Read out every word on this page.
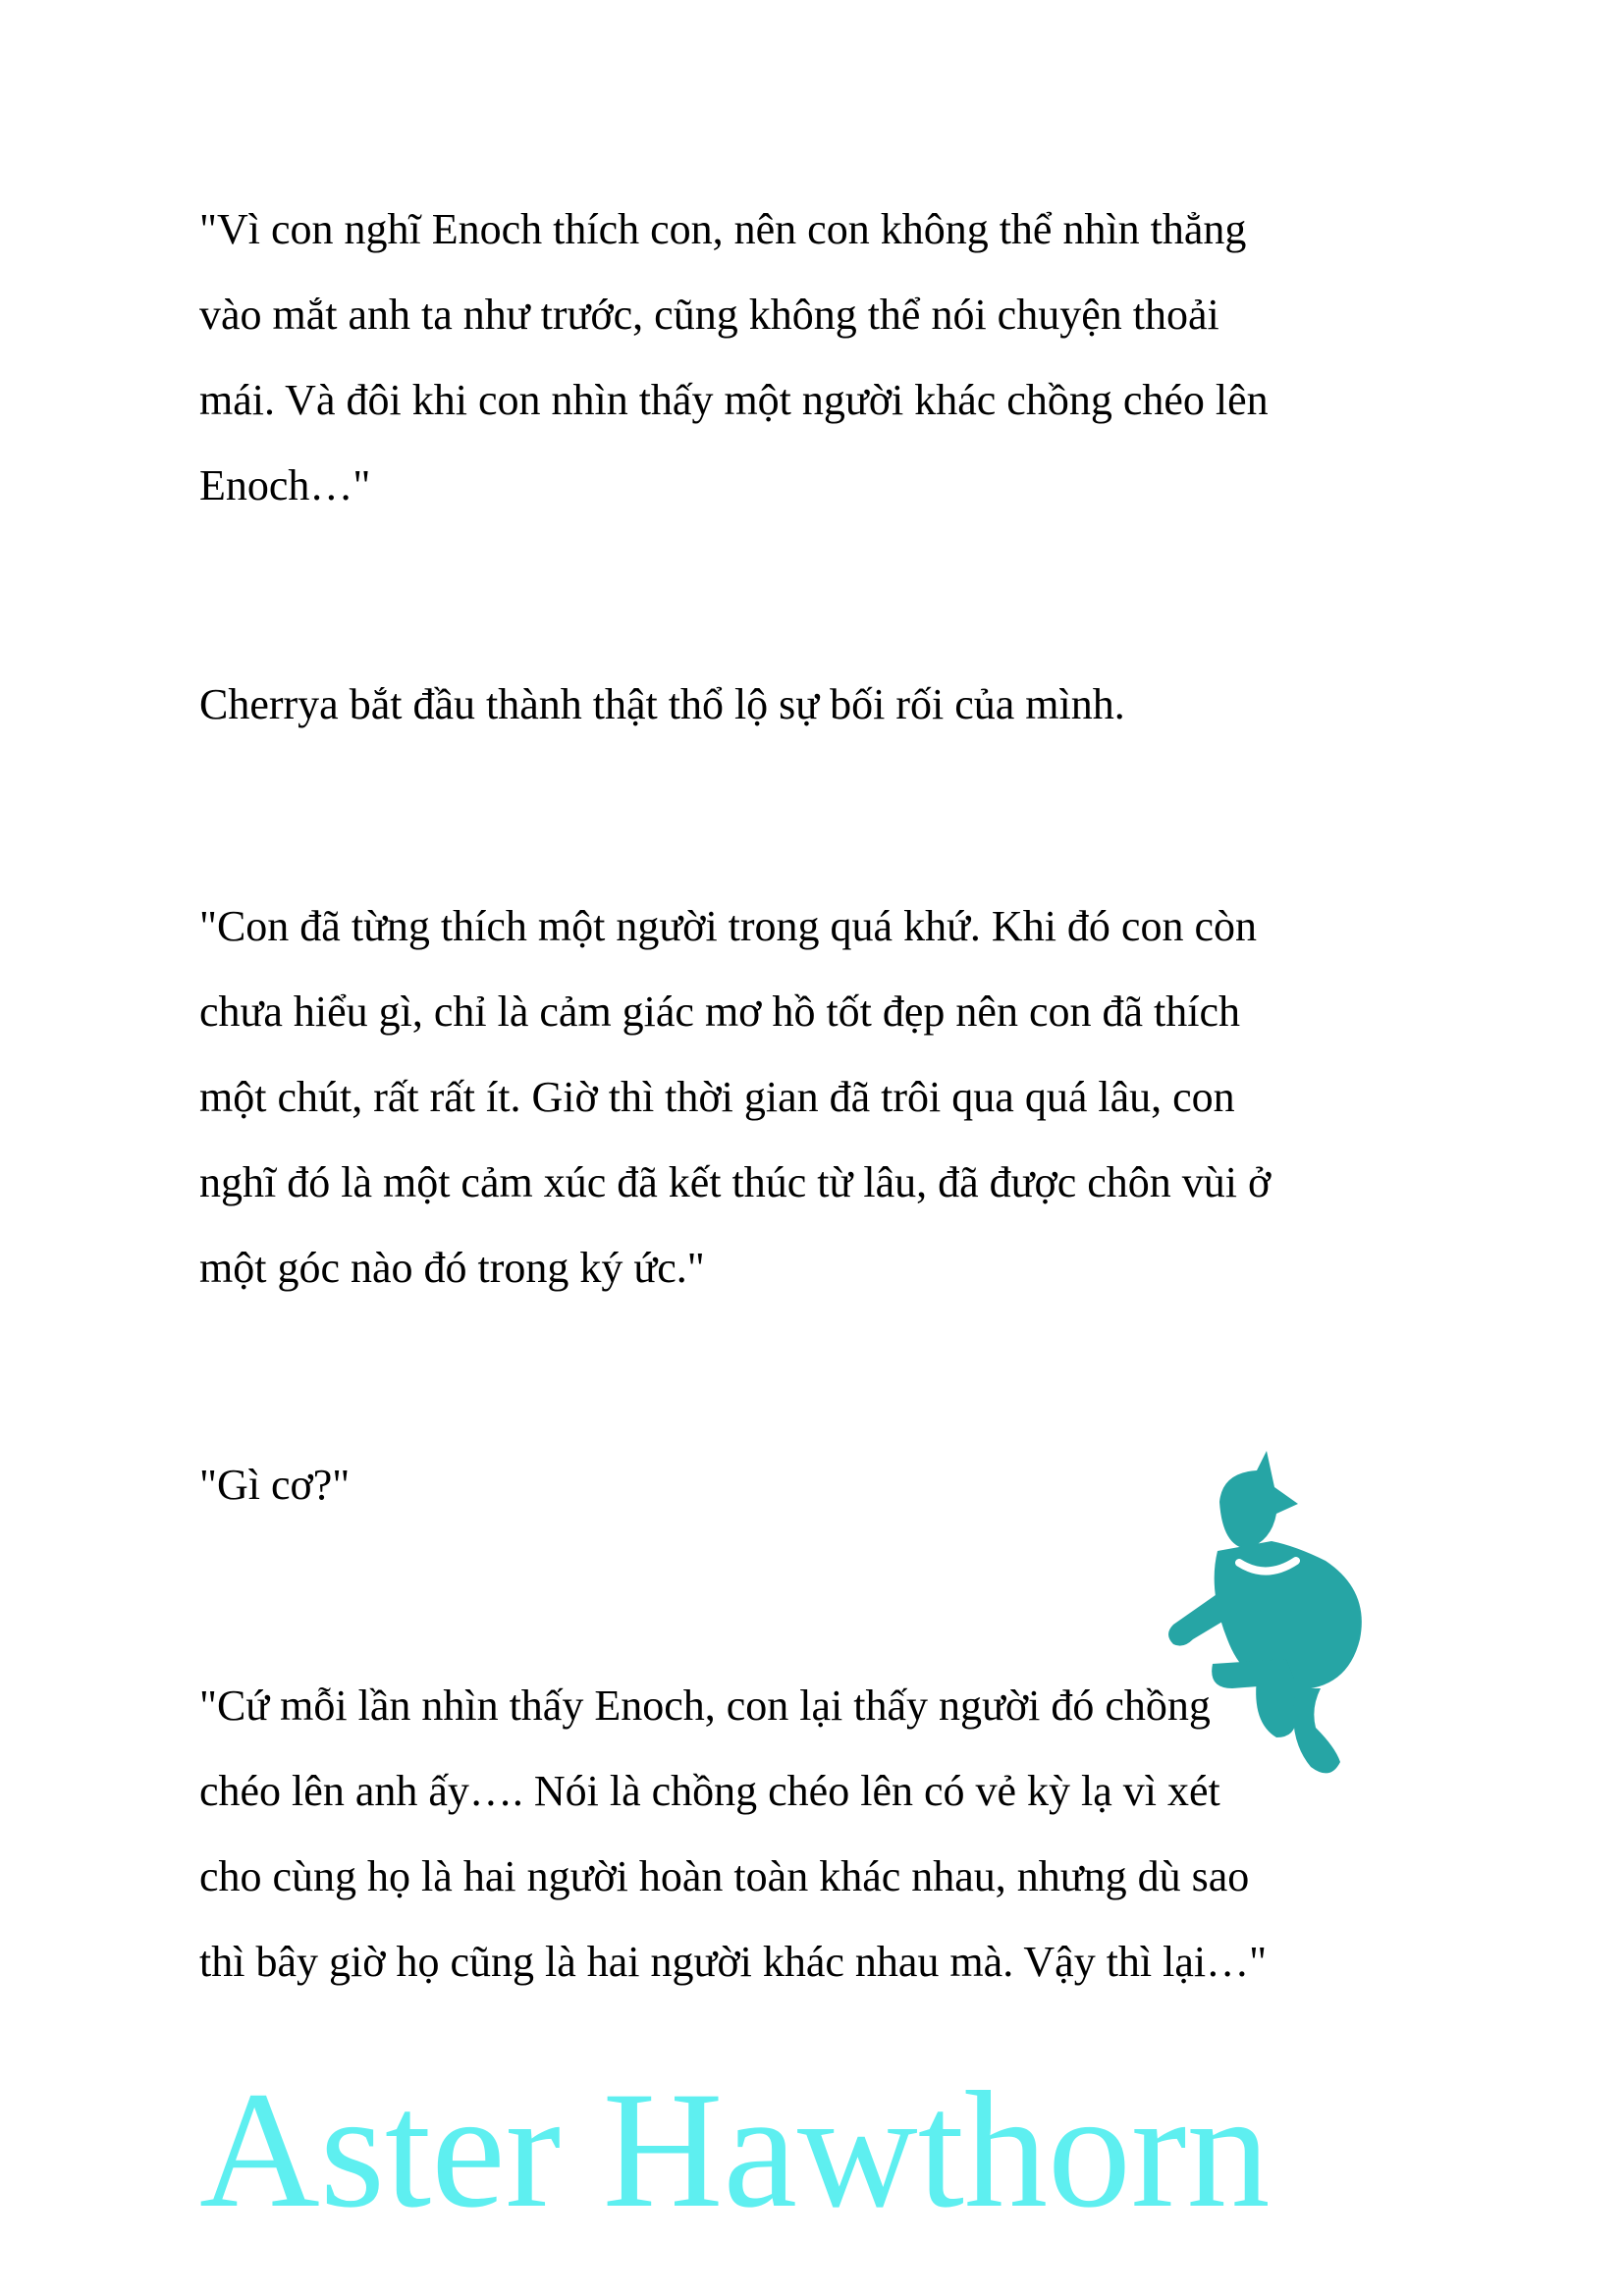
"Vì con nghĩ Enoch thích con, nên con không thể nhìn thẳng
vào mắt anh ta như trước, cũng không thể nói chuyện thoải
mái. Và đôi khi con nhìn thấy một người khác chồng chéo lên
Enoch…"
Cherrya bắt đầu thành thật thổ lộ sự bối rối của mình.
"Con đã từng thích một người trong quá khứ. Khi đó con còn
chưa hiểu gì, chỉ là cảm giác mơ hồ tốt đẹp nên con đã thích
một chút, rất rất ít. Giờ thì thời gian đã trôi qua quá lâu, con
nghĩ đó là một cảm xúc đã kết thúc từ lâu, đã được chôn vùi ở
một góc nào đó trong ký ức."
"Gì cơ?"
"Cứ mỗi lần nhìn thấy Enoch, con lại thấy người đó chồng
chéo lên anh ấy…. Nói là chồng chéo lên có vẻ kỳ lạ vì xét
cho cùng họ là hai người hoàn toàn khác nhau, nhưng dù sao
thì bây giờ họ cũng là hai người khác nhau mà. Vậy thì lại…"
Aster Hawthorn
